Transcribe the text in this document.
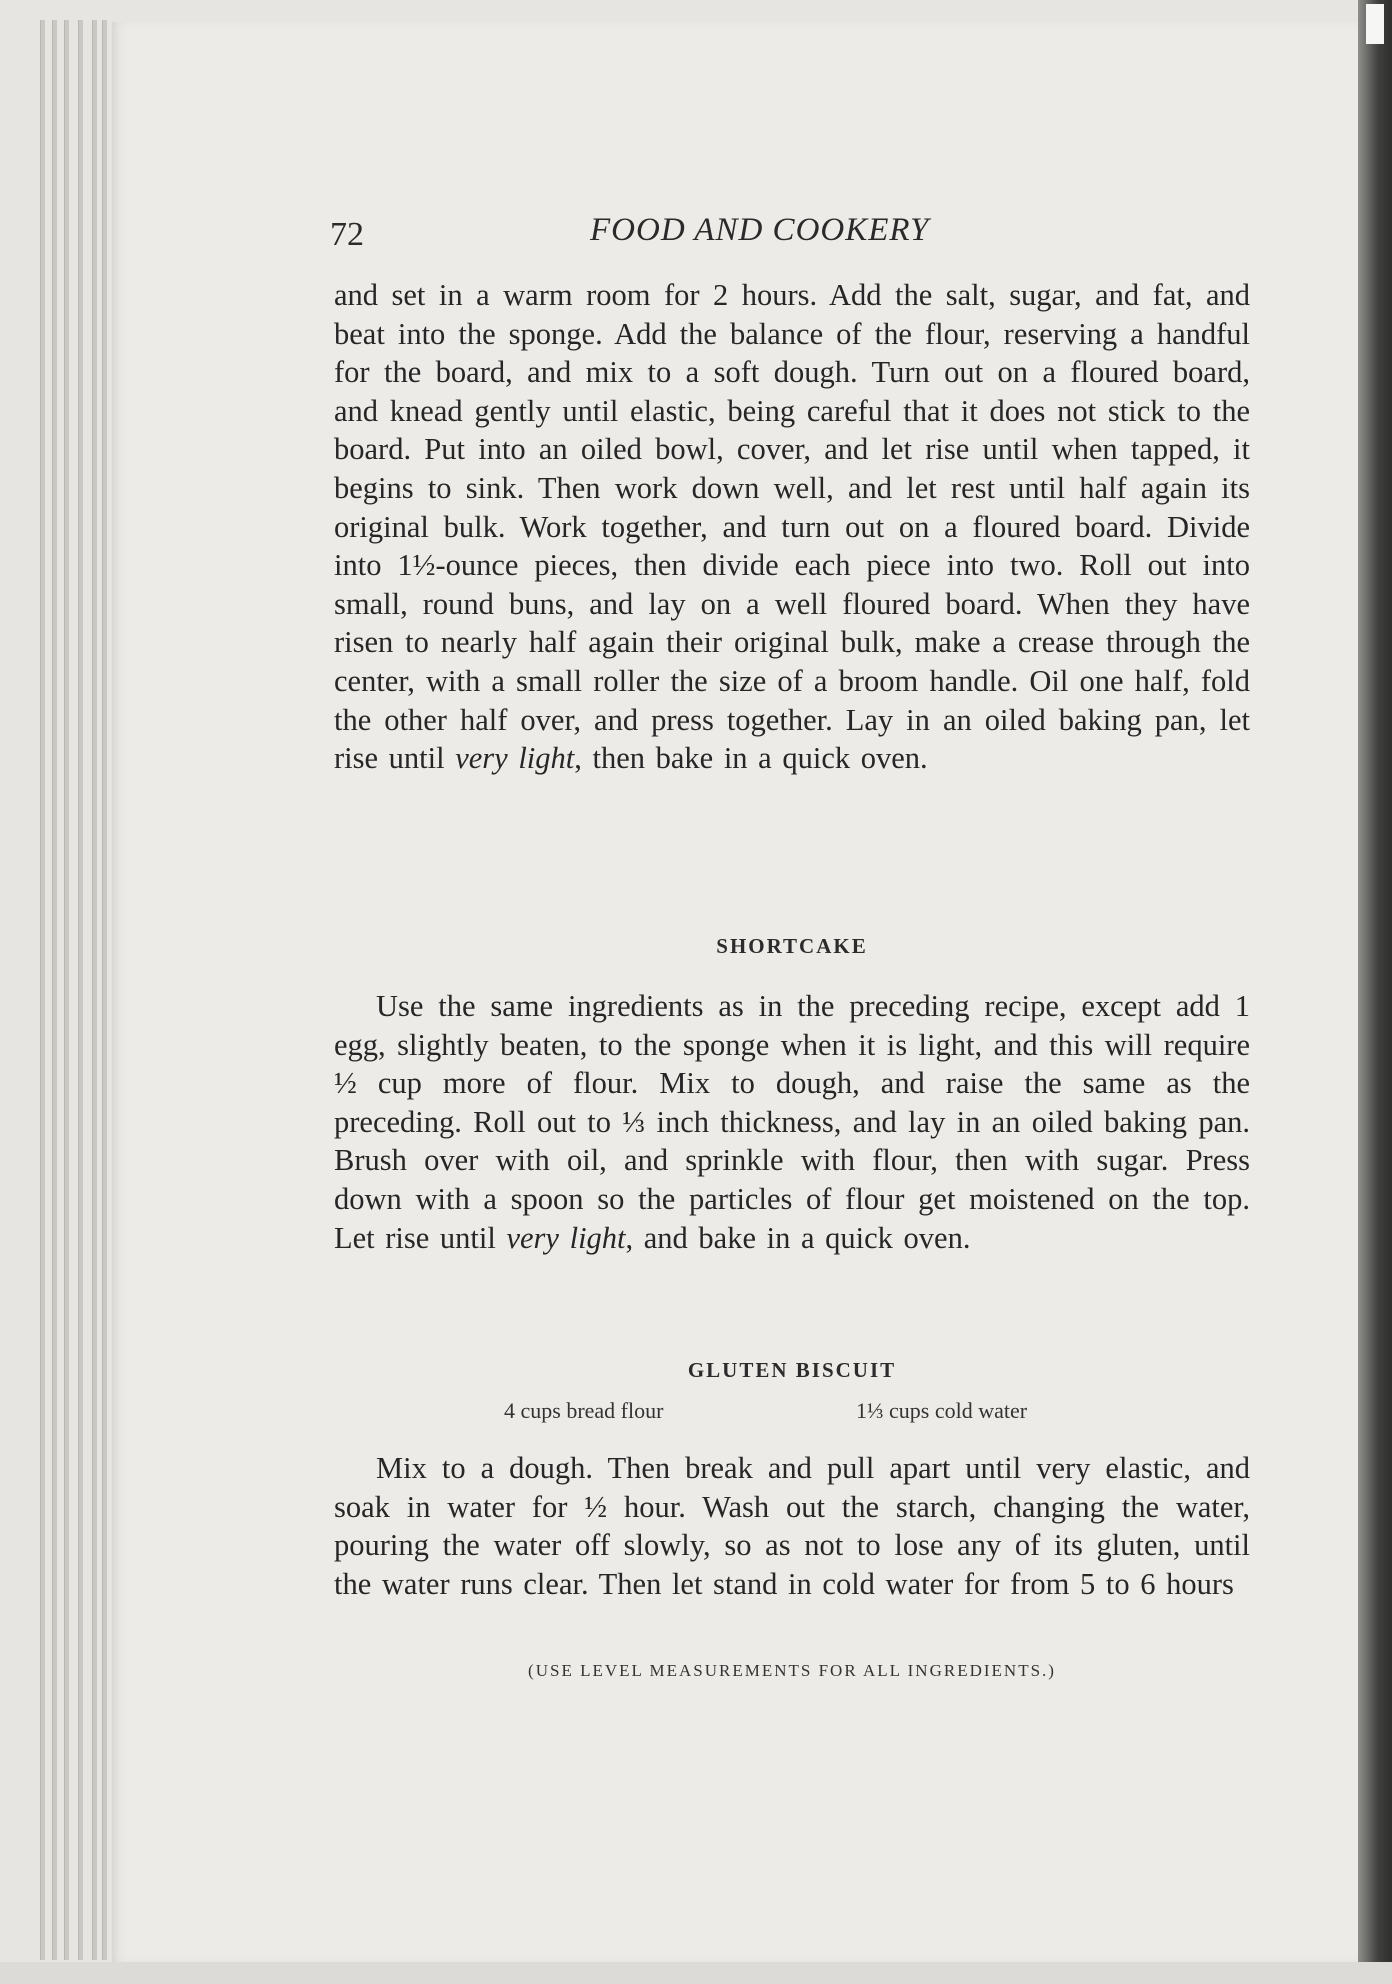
72	FOOD AND COOKERY

and set in a warm room for 2 hours. Add the salt, sugar, and fat, and beat into the sponge. Add the balance of the flour, reserving a handful for the board, and mix to a soft dough. Turn out on a floured board, and knead gently until elastic, being careful that it does not stick to the board. Put into an oiled bowl, cover, and let rise until when tapped, it begins to sink. Then work down well, and let rest until half again its original bulk. Work together, and turn out on a floured board. Divide into 1½-ounce pieces, then divide each piece into two. Roll out into small, round buns, and lay on a well floured board. When they have risen to nearly half again their original bulk, make a crease through the center, with a small roller the size of a broom handle. Oil one half, fold the other half over, and press together. Lay in an oiled baking pan, let rise until very light, then bake in a quick oven.

SHORTCAKE

Use the same ingredients as in the preceding recipe, except add 1 egg, slightly beaten, to the sponge when it is light, and this will require ½ cup more of flour. Mix to dough, and raise the same as the preceding. Roll out to ⅓ inch thickness, and lay in an oiled baking pan. Brush over with oil, and sprinkle with flour, then with sugar. Press down with a spoon so the particles of flour get moistened on the top. Let rise until very light, and bake in a quick oven.

GLUTEN BISCUIT
4 cups bread flour	1⅓ cups cold water

Mix to a dough. Then break and pull apart until very elastic, and soak in water for ½ hour. Wash out the starch, changing the water, pouring the water off slowly, so as not to lose any of its gluten, until the water runs clear. Then let stand in cold water for from 5 to 6 hours

(USE LEVEL MEASUREMENTS FOR ALL INGREDIENTS.)
